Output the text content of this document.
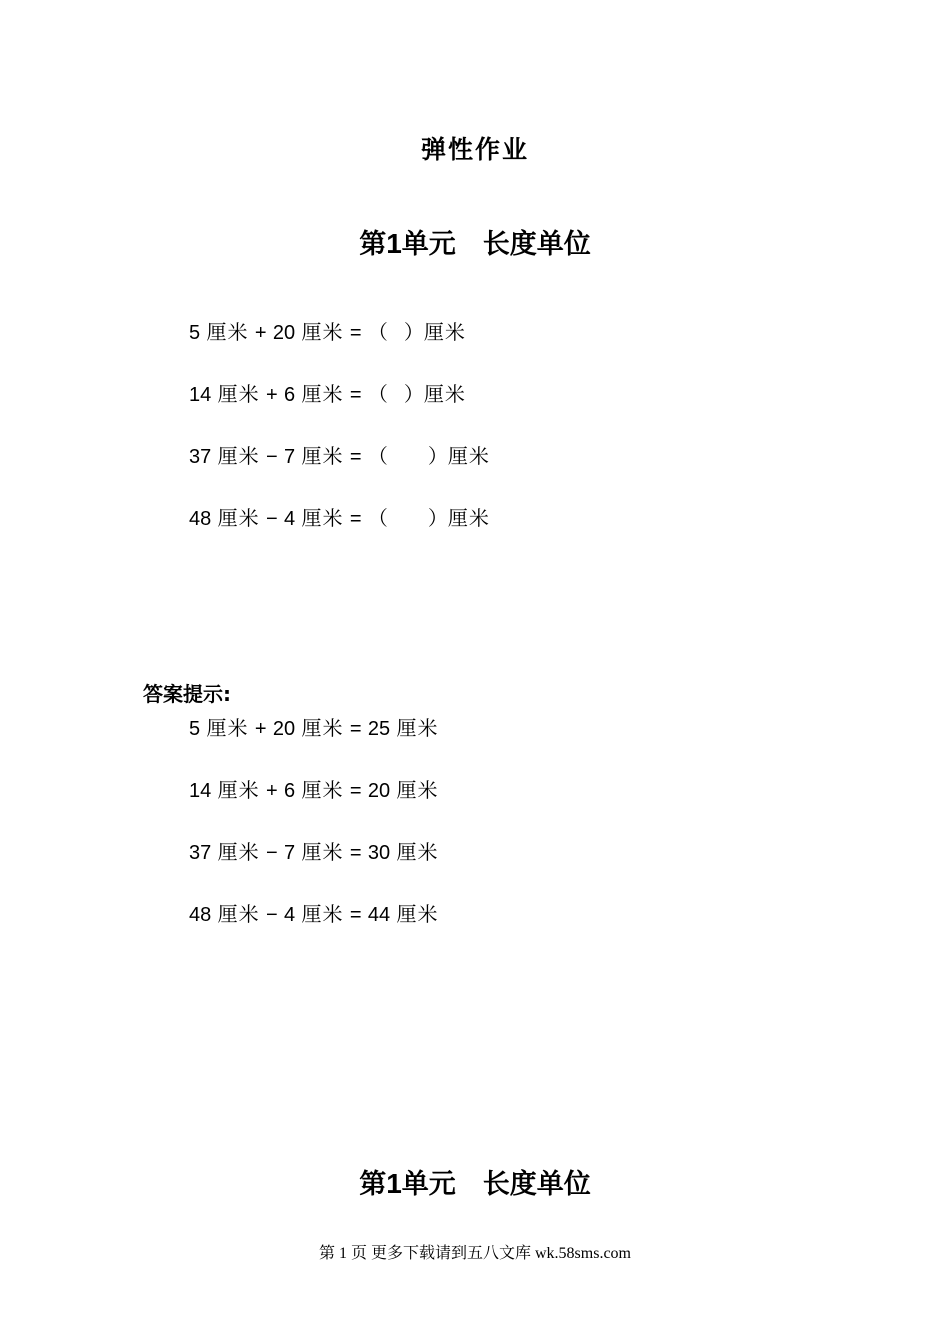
弹性作业
第1单元　长度单位
5 厘米 + 20 厘米 = （ ）厘米
14 厘米 + 6 厘米 = （ ）厘米
37 厘米 − 7 厘米 = （ ）厘米
48 厘米 − 4 厘米 = （ ）厘米

答案提示:

5 厘米 + 20 厘米 = 25 厘米
14 厘米 + 6 厘米 = 20 厘米
37 厘米 − 7 厘米 = 30 厘米
48 厘米 − 4 厘米 = 44 厘米
第1单元　长度单位
第 1 页 更多下载请到五八文库 wk.58sms.com
